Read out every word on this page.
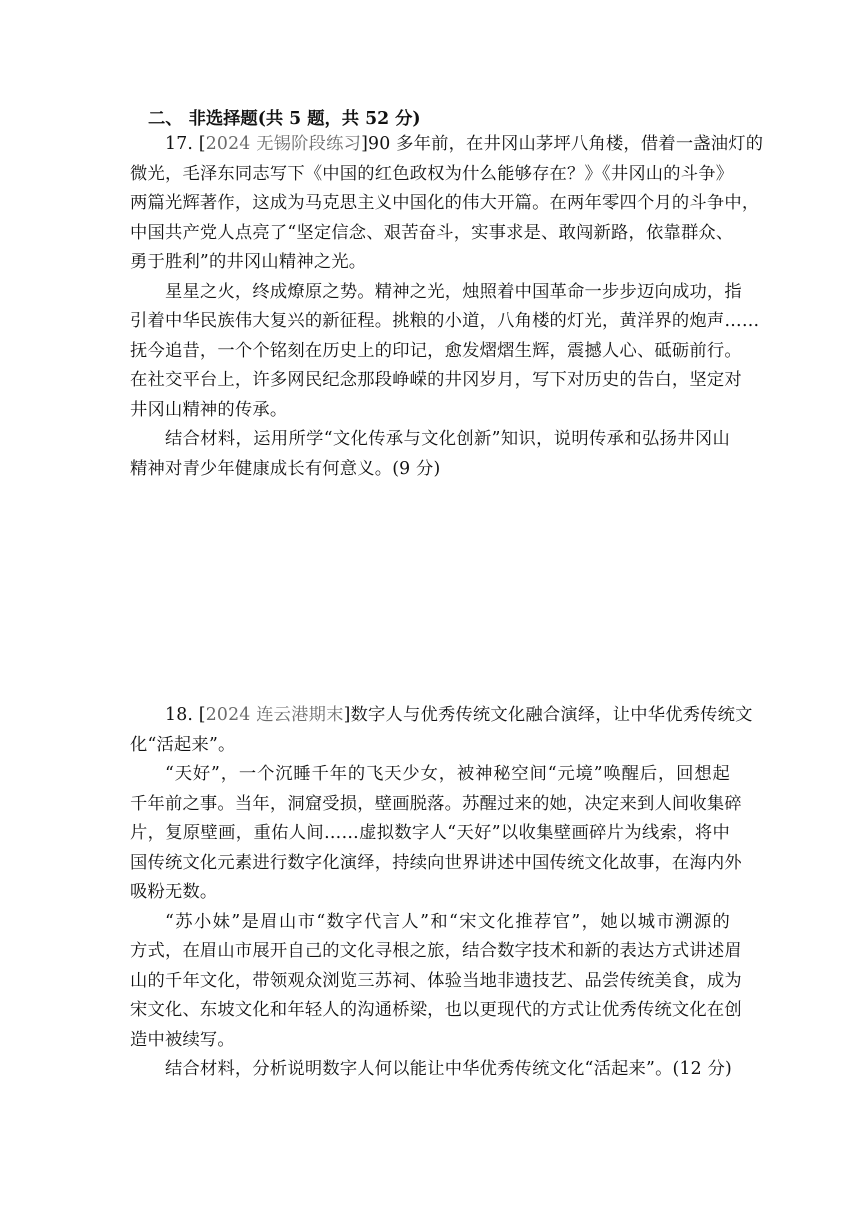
二、 非选择题(共 5 题，共 52 分)
17. [2024 无锡阶段练习]90 多年前，在井冈山茅坪八角楼，借着一盏油灯的
微光，毛泽东同志写下《中国的红色政权为什么能够存在？》《井冈山的斗争》
两篇光辉著作，这成为马克思主义中国化的伟大开篇。在两年零四个月的斗争中，
中国共产党人点亮了“坚定信念、艰苦奋斗，实事求是、敢闯新路，依靠群众、
勇于胜利”的井冈山精神之光。
星星之火，终成燎原之势。精神之光，烛照着中国革命一步步迈向成功，指
引着中华民族伟大复兴的新征程。挑粮的小道，八角楼的灯光，黄洋界的炮声……
抚今追昔，一个个铭刻在历史上的印记，愈发熠熠生辉，震撼人心、砥砺前行。
在社交平台上，许多网民纪念那段峥嵘的井冈岁月，写下对历史的告白，坚定对
井冈山精神的传承。
结合材料，运用所学“文化传承与文化创新”知识，说明传承和弘扬井冈山
精神对青少年健康成长有何意义。(9 分)
18. [2024 连云港期末]数字人与优秀传统文化融合演绎，让中华优秀传统文
化“活起来”。
“天好”，一个沉睡千年的飞天少女，被神秘空间“元境”唤醒后，回想起
千年前之事。当年，洞窟受损，壁画脱落。苏醒过来的她，决定来到人间收集碎
片，复原壁画，重佑人间……虚拟数字人“天好”以收集壁画碎片为线索，将中
国传统文化元素进行数字化演绎，持续向世界讲述中国传统文化故事，在海内外
吸粉无数。
“苏小妹”是眉山市“数字代言人”和“宋文化推荐官”，她以城市溯源的
方式，在眉山市展开自己的文化寻根之旅，结合数字技术和新的表达方式讲述眉
山的千年文化，带领观众浏览三苏祠、体验当地非遗技艺、品尝传统美食，成为
宋文化、东坡文化和年轻人的沟通桥梁，也以更现代的方式让优秀传统文化在创
造中被续写。
结合材料，分析说明数字人何以能让中华优秀传统文化“活起来”。(12 分)
